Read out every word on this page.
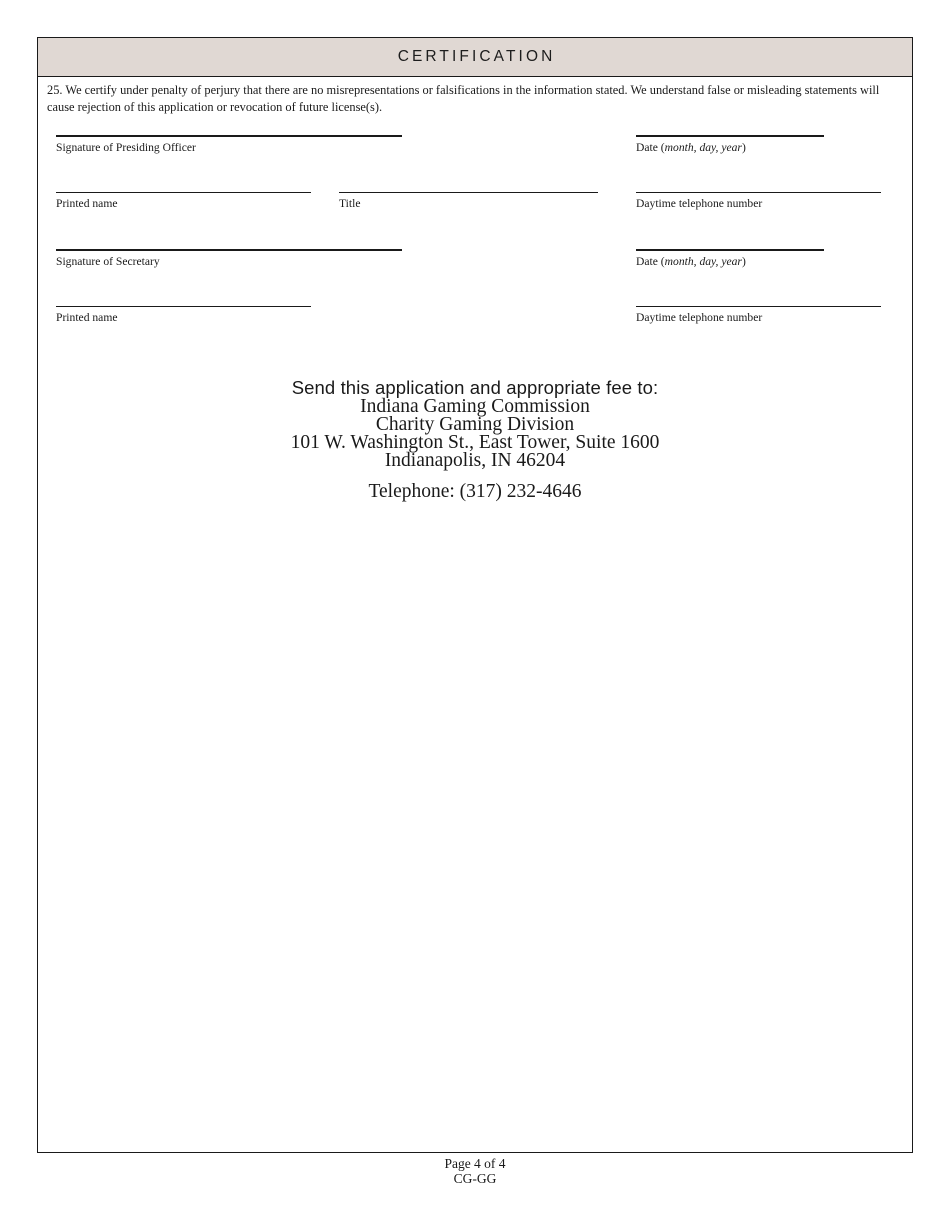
CERTIFICATION
25. We certify under penalty of perjury that there are no misrepresentations or falsifications in the information stated. We understand false or misleading statements will cause rejection of this application or revocation of future license(s).
Signature of Presiding Officer	Date (month, day, year)
Printed name	Title	Daytime telephone number
Signature of Secretary	Date (month, day, year)
Printed name	Daytime telephone number
Send this application and appropriate fee to:
Indiana Gaming Commission
Charity Gaming Division
101 W. Washington St., East Tower, Suite 1600
Indianapolis, IN 46204
Telephone: (317) 232-4646
Page 4 of 4
CG-GG
